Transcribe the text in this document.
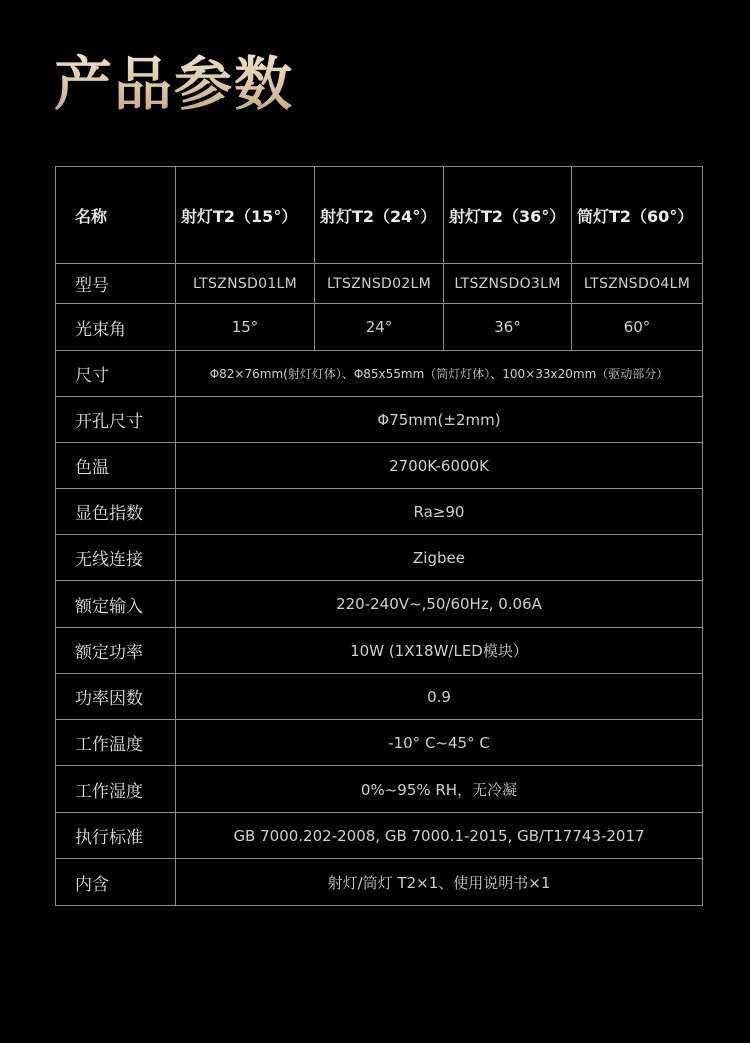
产品参数
名称	射灯T2（15°）	射灯T2（24°）	射灯T2（36°）	筒灯T2（60°）
型号	LTSZNSD01LM	LTSZNSD02LM	LTSZNSDO3LM	LTSZNSDO4LM
光束角	15°	24°	36°	60°
尺寸	Φ82×76mm(射灯灯体）、Φ85x55mm（筒灯灯体）、100×33x20mm（驱动部分）			
开孔尺寸	Φ75mm(±2mm)			
色温	2700K-6000K			
显色指数	Ra≥90			
无线连接	Zigbee			
额定输入	220-240V~,50/60Hz, 0.06A			
额定功率	10W (1X18W/LED模块）			
功率因数	0.9			
工作温度	-10° C~45° C			
工作湿度	0%~95% RH，无冷凝			
执行标准	GB 7000.202-2008, GB 7000.1-2015, GB/T17743-2017			
内含	射灯/筒灯 T2×1、使用说明书×1			
